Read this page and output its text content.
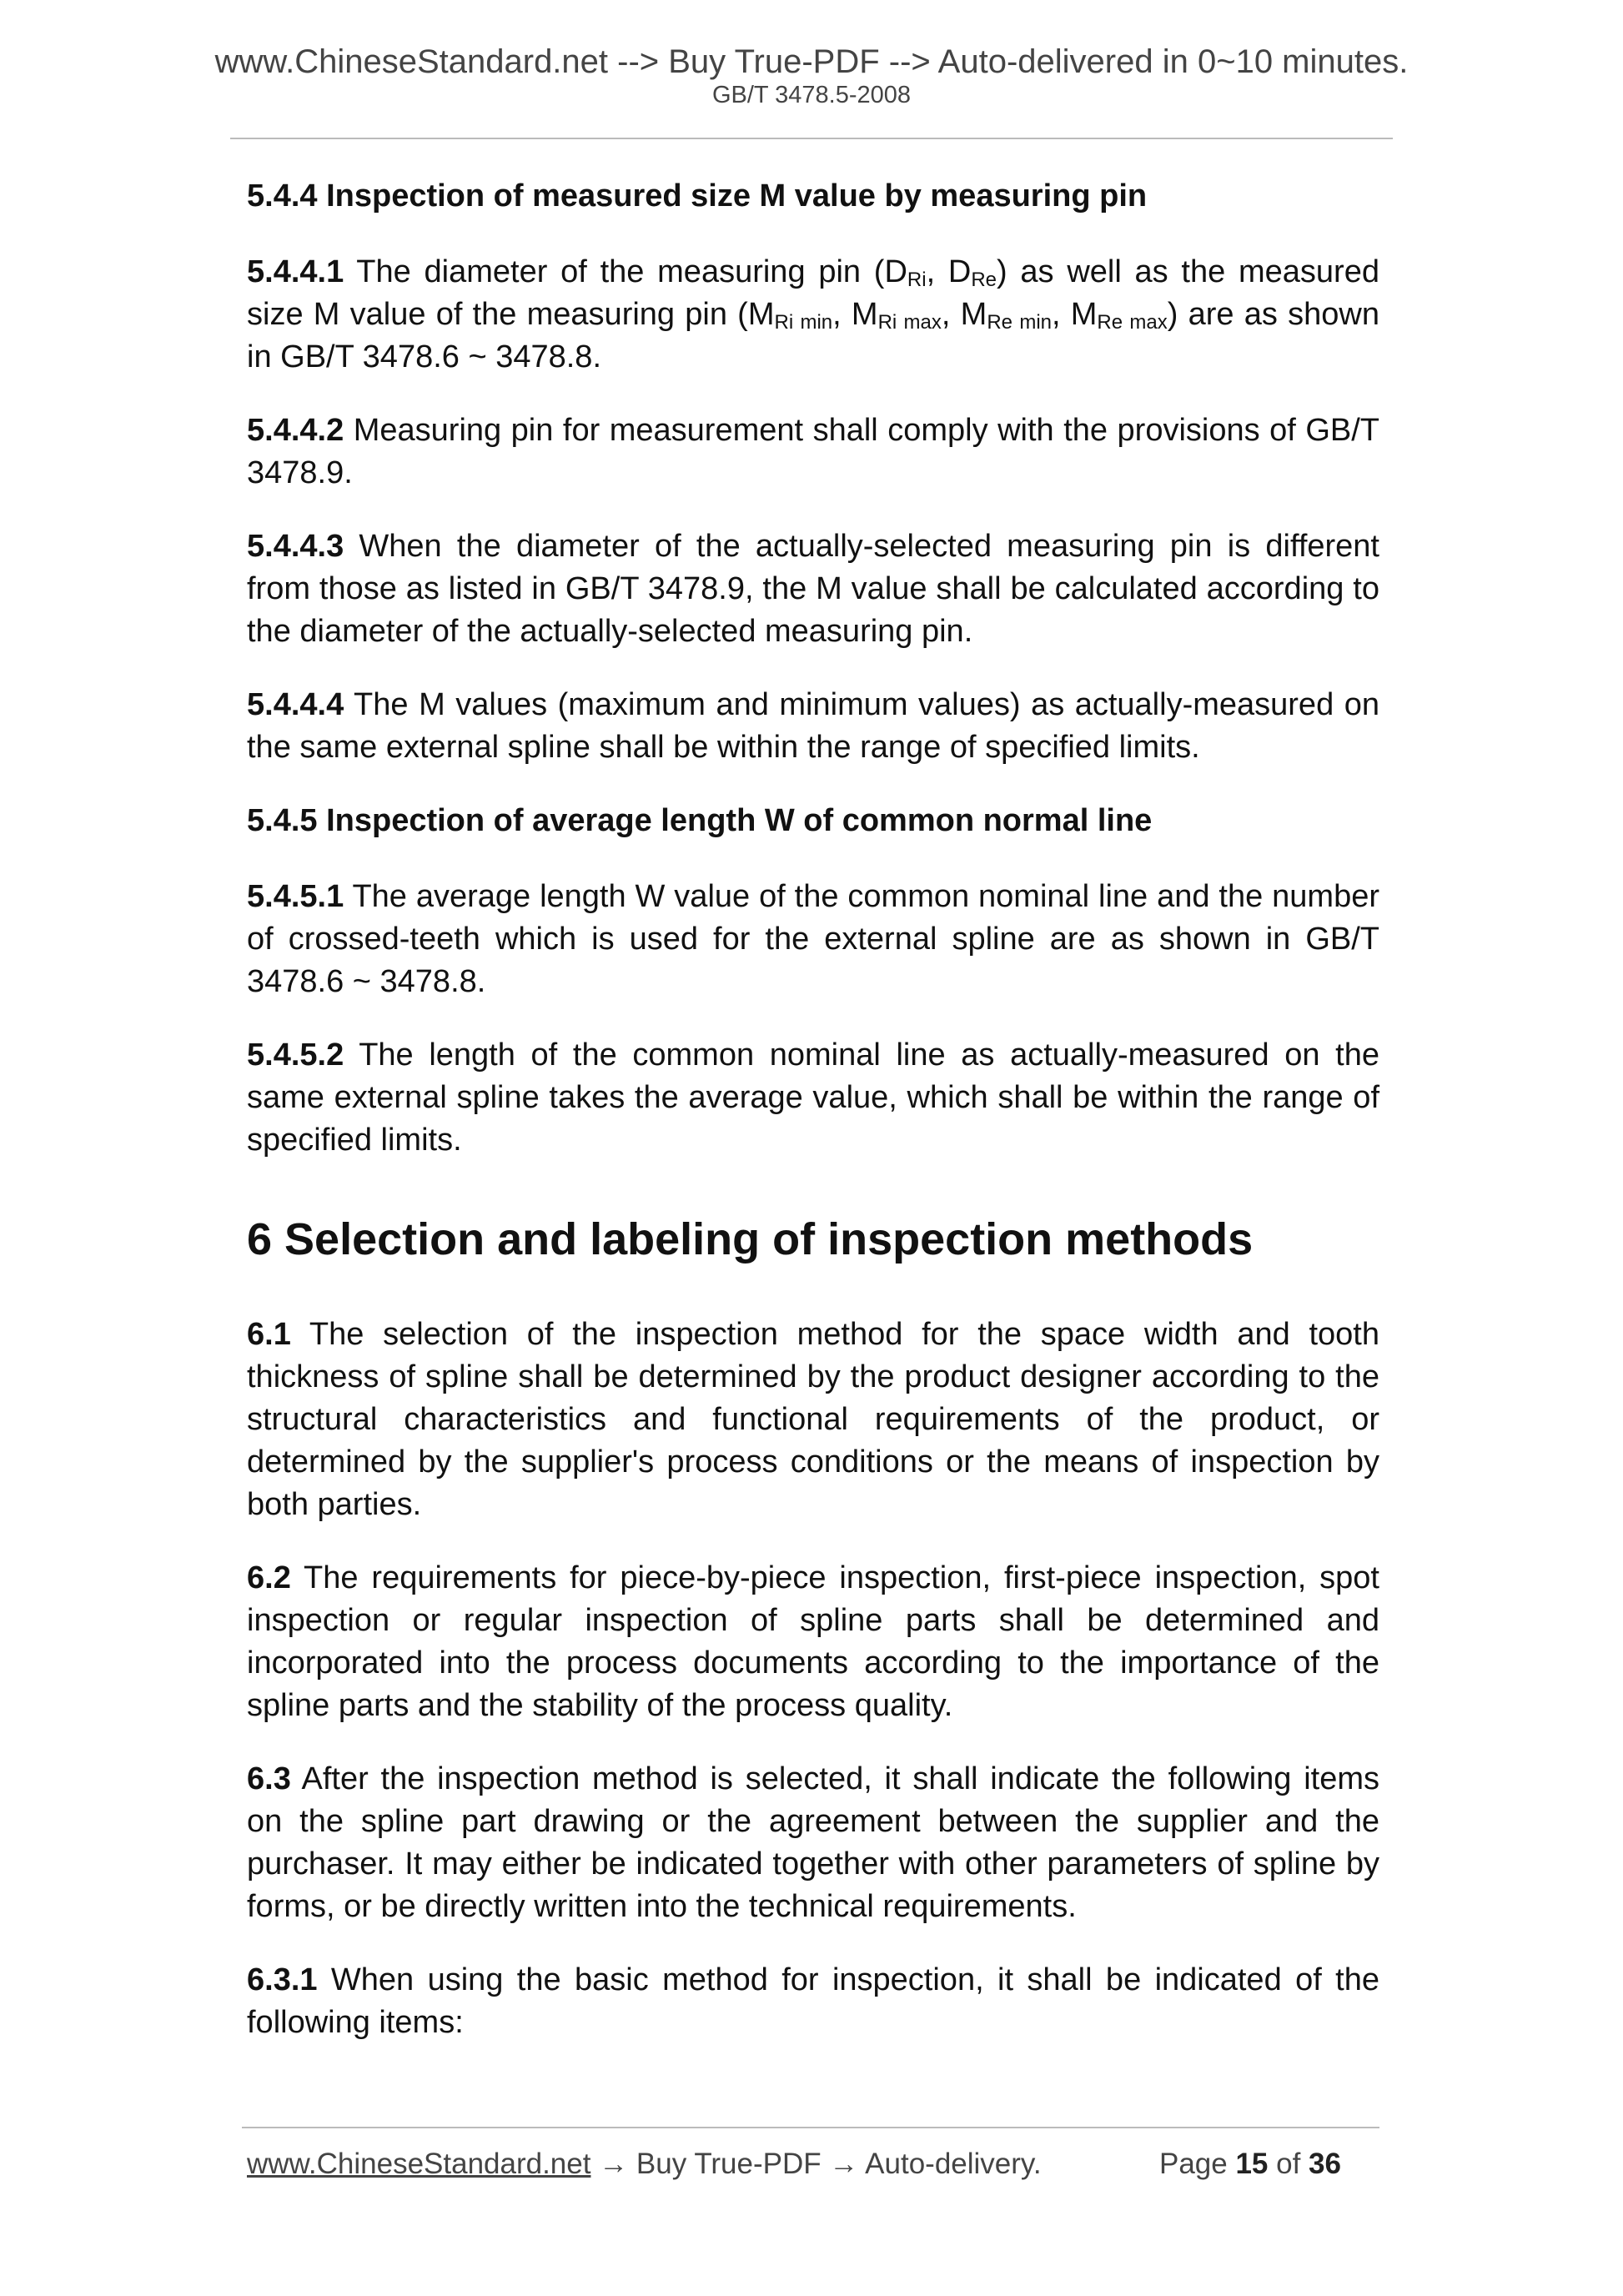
www.ChineseStandard.net --> Buy True-PDF --> Auto-delivered in 0~10 minutes.
GB/T 3478.5-2008

5.4.4 Inspection of measured size M value by measuring pin

5.4.4.1 The diameter of the measuring pin ($D_{Ri}$, $D_{Re}$) as well as the measured size M value of the measuring pin ($M_{Ri min}$, $M_{Ri max}$, $M_{Re min}$, $M_{Re max}$) are as shown in GB/T 3478.6 ~ 3478.8.

5.4.4.2 Measuring pin for measurement shall comply with the provisions of GB/T 3478.9.

5.4.4.3 When the diameter of the actually-selected measuring pin is different from those as listed in GB/T 3478.9, the M value shall be calculated according to the diameter of the actually-selected measuring pin.

5.4.4.4 The M values (maximum and minimum values) as actually-measured on the same external spline shall be within the range of specified limits.

5.4.5 Inspection of average length W of common normal line

5.4.5.1 The average length W value of the common nominal line and the number of crossed-teeth which is used for the external spline are as shown in GB/T 3478.6 ~ 3478.8.

5.4.5.2 The length of the common nominal line as actually-measured on the same external spline takes the average value, which shall be within the range of specified limits.

6 Selection and labeling of inspection methods

6.1 The selection of the inspection method for the space width and tooth thickness of spline shall be determined by the product designer according to the structural characteristics and functional requirements of the product, or determined by the supplier's process conditions or the means of inspection by both parties.

6.2 The requirements for piece-by-piece inspection, first-piece inspection, spot inspection or regular inspection of spline parts shall be determined and incorporated into the process documents according to the importance of the spline parts and the stability of the process quality.

6.3 After the inspection method is selected, it shall indicate the following items on the spline part drawing or the agreement between the supplier and the purchaser. It may either be indicated together with other parameters of spline by forms, or be directly written into the technical requirements.

6.3.1 When using the basic method for inspection, it shall be indicated of the following items:

www.ChineseStandard.net → Buy True-PDF → Auto-delivery.	Page 15 of 36
